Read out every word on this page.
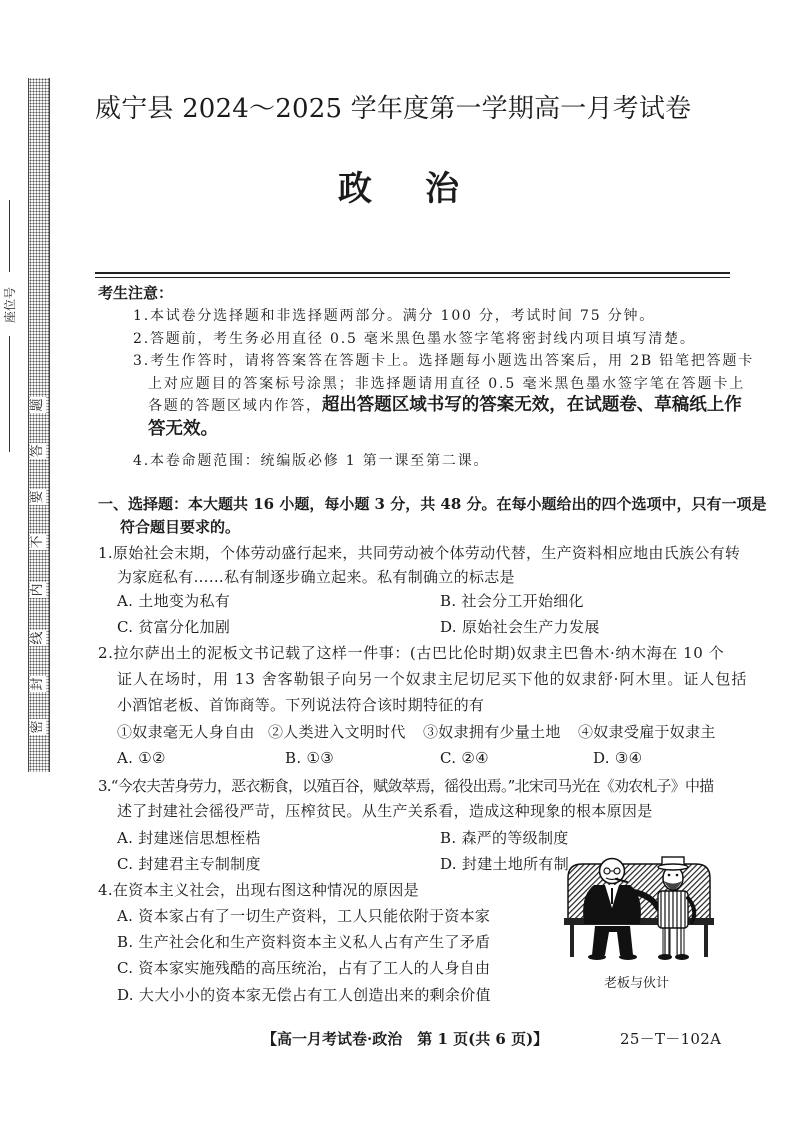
座位号
密
封
线
内
不
要
答
题
威宁县 2024～2025 学年度第一学期高一月考试卷
政 治
考生注意：
1.本试卷分选择题和非选择题两部分。满分 100 分，考试时间 75 分钟。
2.答题前，考生务必用直径 0.5 毫米黑色墨水签字笔将密封线内项目填写清楚。
3.考生作答时，请将答案答在答题卡上。选择题每小题选出答案后，用 2B 铅笔把答题卡
上对应题目的答案标号涂黑；非选择题请用直径 0.5 毫米黑色墨水签字笔在答题卡上
各题的答题区域内作答，超出答题区域书写的答案无效，在试题卷、草稿纸上作
答无效。
4.本卷命题范围：统编版必修 1 第一课至第二课。
一、选择题：本大题共 16 小题，每小题 3 分，共 48 分。在每小题给出的四个选项中，只有一项是
符合题目要求的。
1.原始社会末期，个体劳动盛行起来，共同劳动被个体劳动代替，生产资料相应地由氏族公有转
为家庭私有……私有制逐步确立起来。私有制确立的标志是
A. 土地变为私有	B. 社会分工开始细化
C. 贫富分化加剧	D. 原始社会生产力发展
2.拉尔萨出土的泥板文书记载了这样一件事：(古巴比伦时期)奴隶主巴鲁木·纳木海在 10 个
证人在场时，用 13 舍客勒银子向另一个奴隶主尼切尼买下他的奴隶舒·阿木里。证人包括
小酒馆老板、首饰商等。下列说法符合该时期特征的有
①奴隶毫无人身自由 ②人类进入文明时代 ③奴隶拥有少量土地 ④奴隶受雇于奴隶主
A. ①②	B. ①③	C. ②④	D. ③④
3.“今农夫苦身劳力，恶衣粝食，以殖百谷，赋敛萃焉，徭役出焉。”北宋司马光在《劝农札子》中描
述了封建社会徭役严苛，压榨贫民。从生产关系看，造成这种现象的根本原因是
A. 封建迷信思想桎梏	B. 森严的等级制度
C. 封建君主专制制度	D. 封建土地所有制
4.在资本主义社会，出现右图这种情况的原因是
A. 资本家占有了一切生产资料，工人只能依附于资本家
B. 生产社会化和生产资料资本主义私人占有产生了矛盾
C. 资本家实施残酷的高压统治，占有了工人的人身自由
D. 大大小小的资本家无偿占有工人创造出来的剩余价值
老板与伙计
【高一月考试卷·政治　第 1 页(共 6 页)】	25－T－102A
